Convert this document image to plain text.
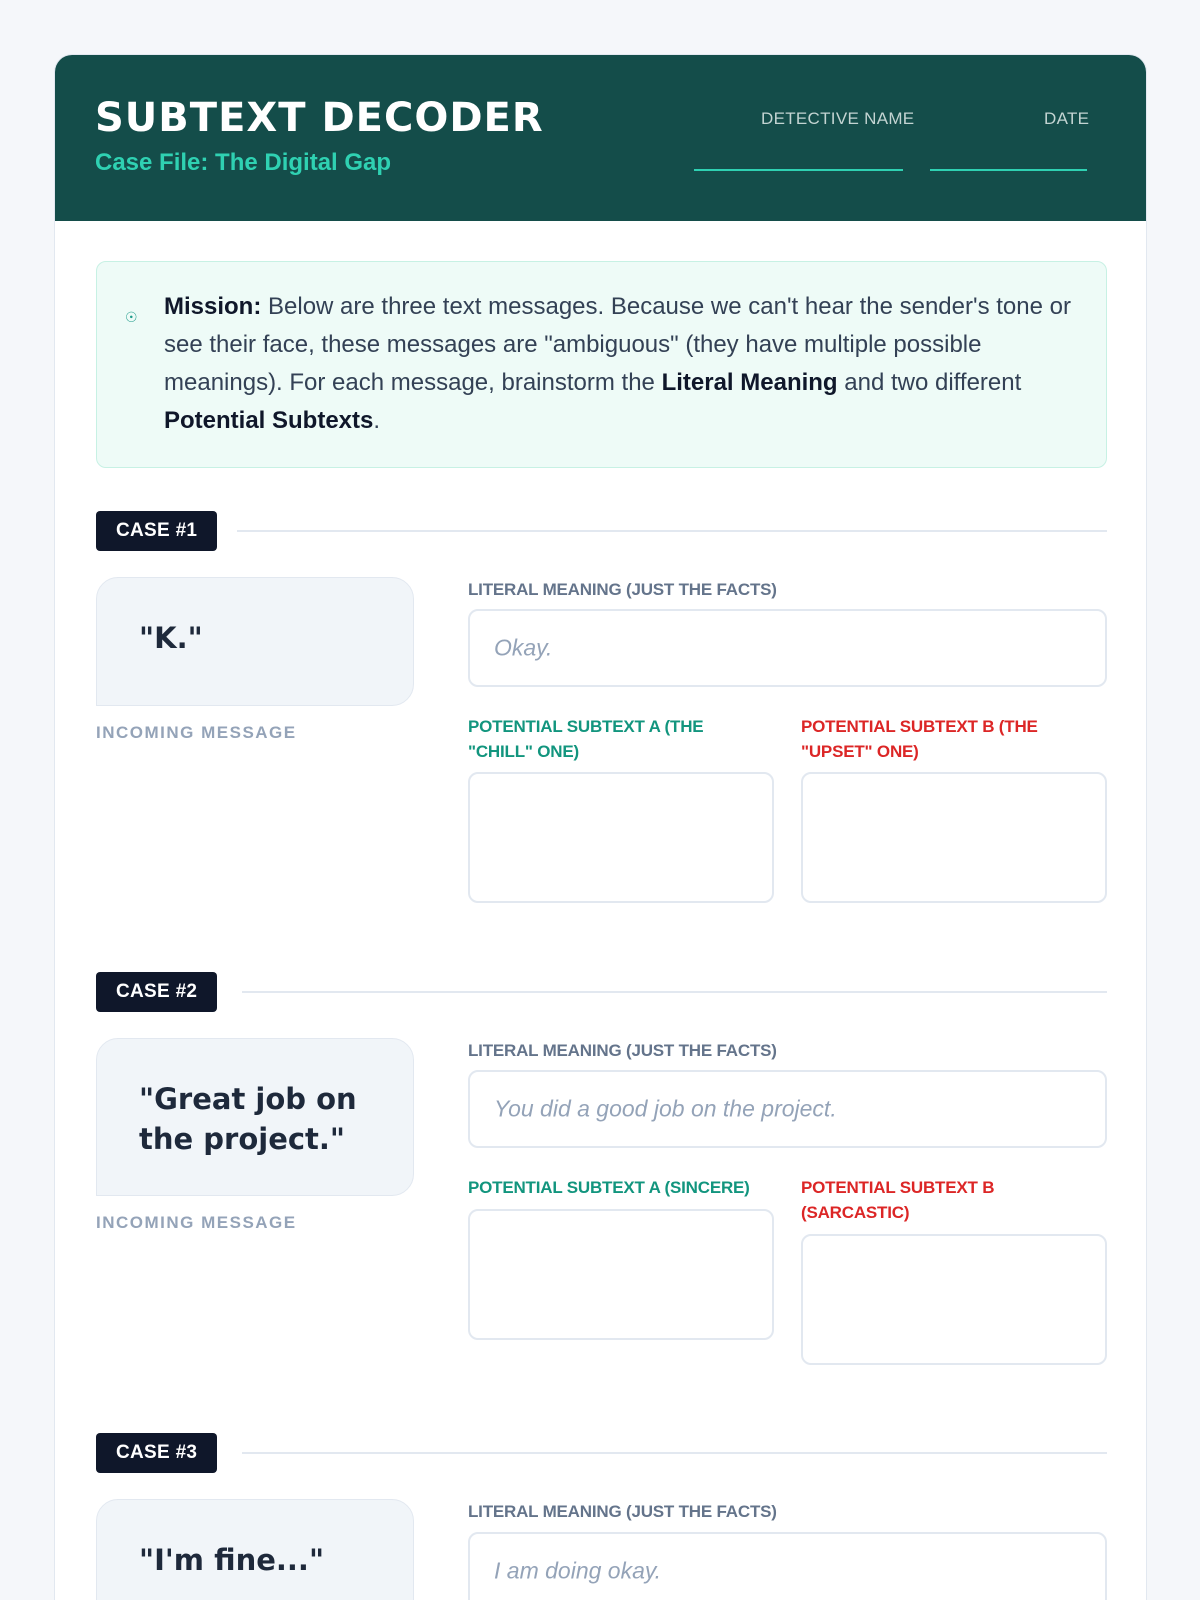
SUBTEXT DECODER
Case File: The Digital Gap
DETECTIVE NAME	DATE
☉ Mission: Below are three text messages. Because we can't hear the sender's tone or see their face, these messages are "ambiguous" (they have multiple possible meanings). For each message, brainstorm the Literal Meaning and two different Potential Subtexts.
CASE #1
"K."
INCOMING MESSAGE
LITERAL MEANING (JUST THE FACTS)
Okay.
POTENTIAL SUBTEXT A (THE "CHILL" ONE)
POTENTIAL SUBTEXT B (THE "UPSET" ONE)
CASE #2
"Great job on the project."
INCOMING MESSAGE
LITERAL MEANING (JUST THE FACTS)
You did a good job on the project.
POTENTIAL SUBTEXT A (SINCERE)	POTENTIAL SUBTEXT B (SARCASTIC)
CASE #3
"I'm fine..."
LITERAL MEANING (JUST THE FACTS)
I am doing okay.
